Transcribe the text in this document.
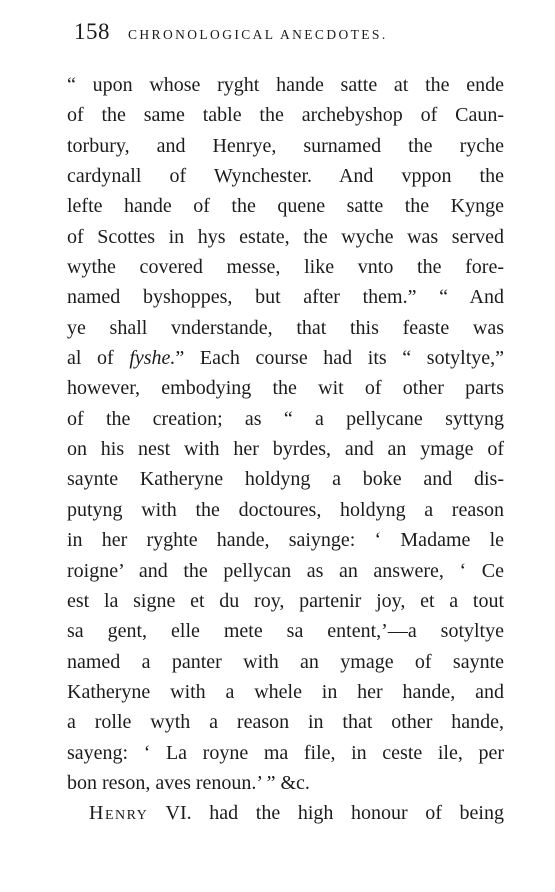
158 CHRONOLOGICAL ANECDOTES.
“ upon whose ryght hande satte at the ende
of the same table the archebyshop of Caun-
torbury, and Henrye, surnamed the ryche
cardynall of Wynchester. And vppon the
lefte hande of the quene satte the Kynge
of Scottes in hys estate, the wyche was served
wythe covered messe, like vnto the fore-
named byshoppes, but after them.” “ And
ye shall vnderstande, that this feaste was
al of fyshe.” Each course had its “ sotyltye,”
however, embodying the wit of other parts
of the creation; as “ a pellycane syttyng
on his nest with her byrdes, and an ymage of
saynte Katheryne holdyng a boke and dis-
putyng with the doctoures, holdyng a reason
in her ryghte hande, saiynge: ‘ Madame le
roigne’ and the pellycan as an answere, ‘ Ce
est la signe et du roy, partenir joy, et a tout
sa gent, elle mete sa entent,’—a sotyltye
named a panter with an ymage of saynte
Katheryne with a whele in her hande, and
a rolle wyth a reason in that other hande,
sayeng: ‘ La royne ma file, in ceste ile, per
bon reson, aves renoun.’ ” &c.
Henry VI. had the high honour of being
